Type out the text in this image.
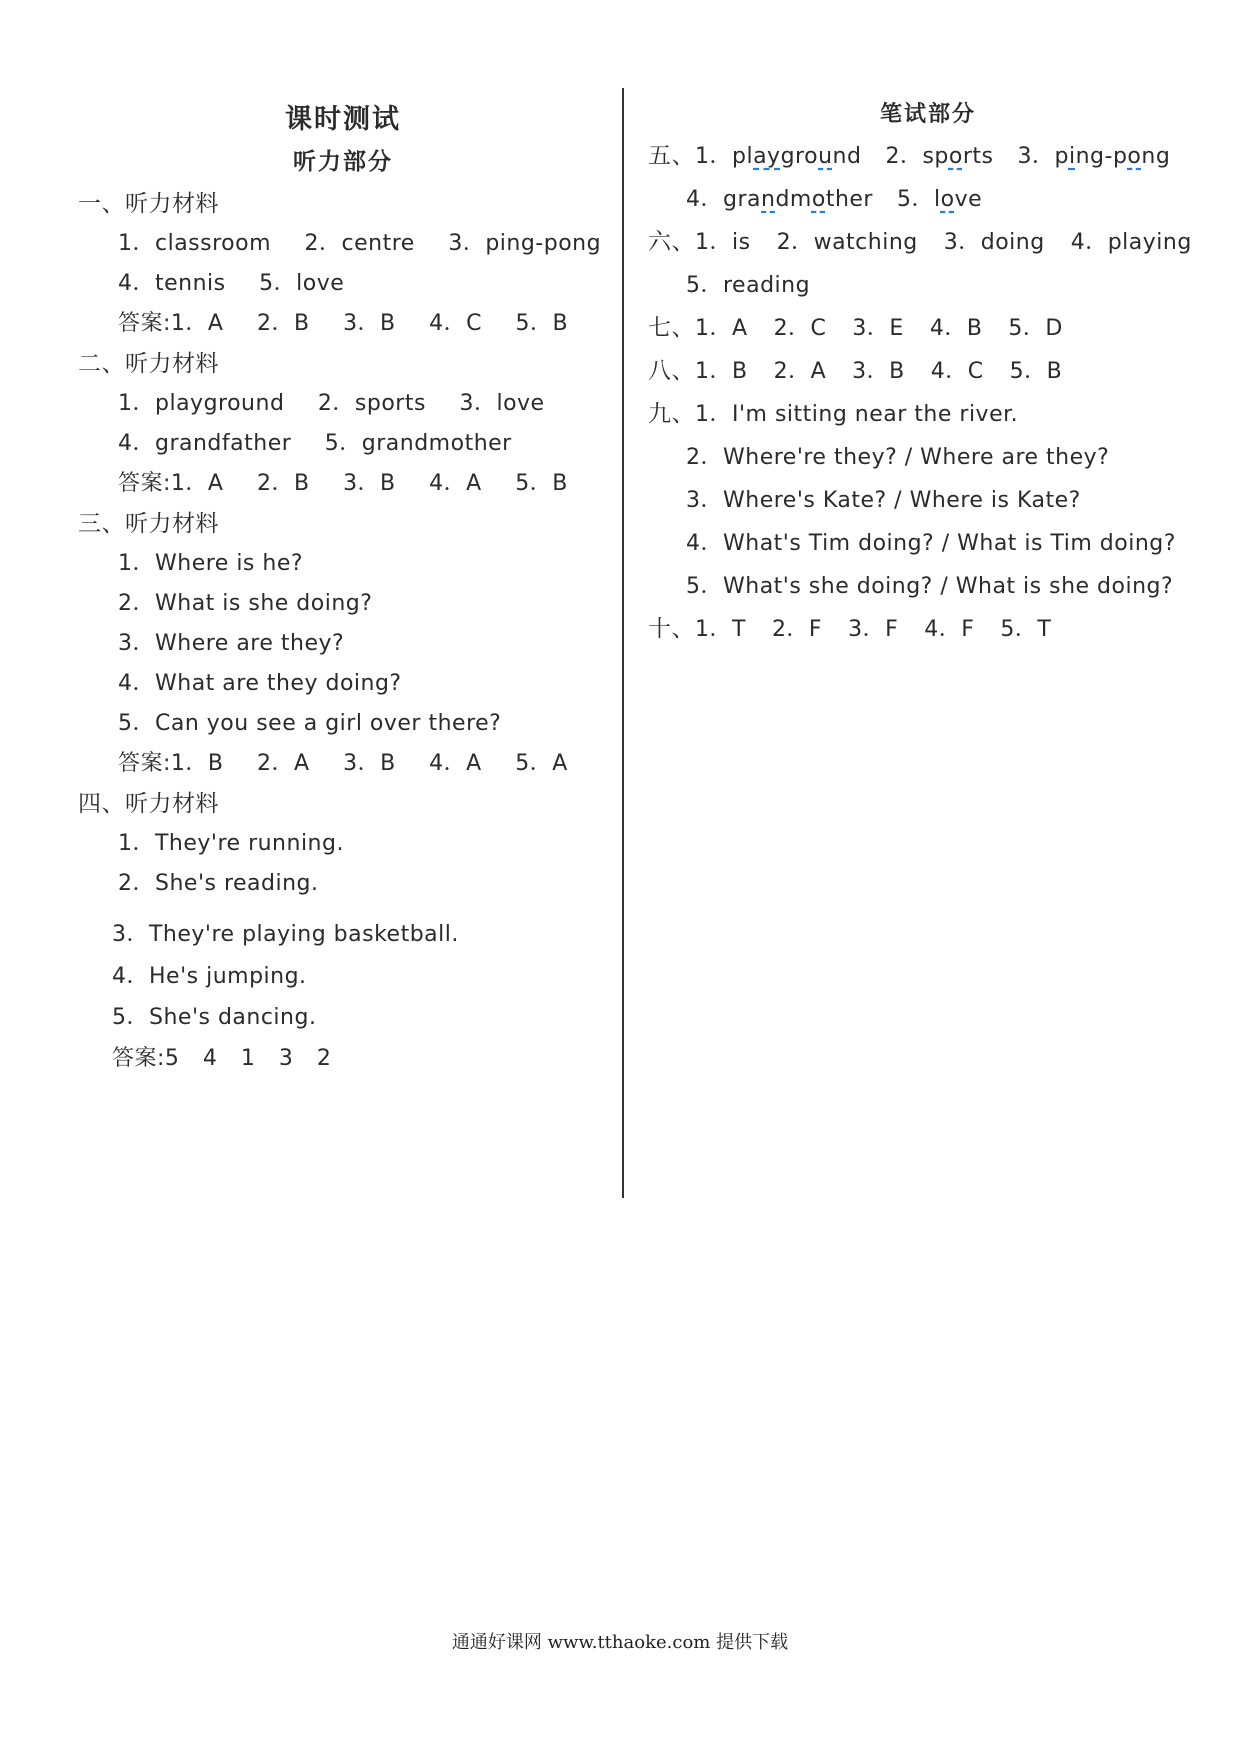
课时测试

听力部分

一、听力材料

1．classroom 2．centre 3．ping-pong

4．tennis 5．love

答案:1．A 2．B 3．B 4．C 5．B

二、听力材料

1．playground 2．sports 3．love

4．grandfather 5．grandmother

答案:1．A 2．B 3．B 4．A 5．B

三、听力材料

1．Where is he?

2．What is she doing?

3．Where are they?

4．What are they doing?

5．Can you see a girl over there?

答案:1．B 2．A 3．B 4．A 5．A

四、听力材料

1．They're running.

2．She's reading.

3．They're playing basketball.

4．He's jumping.

5．She's dancing.

答案:5 4 1 3 2

笔试部分

五、1．playground 2．sports 3．ping-pong

4．grandmother 5．love

六、1．is 2．watching 3．doing 4．playing

5．reading

七、1．A 2．C 3．E 4．B 5．D

八、1．B 2．A 3．B 4．C 5．B

九、1．I'm sitting near the river.

2．Where're they? / Where are they?

3．Where's Kate? / Where is Kate?

4．What's Tim doing? / What is Tim doing?

5．What's she doing? / What is she doing?

十、1．T 2．F 3．F 4．F 5．T

通通好课网 www.tthaoke.com 提供下载
